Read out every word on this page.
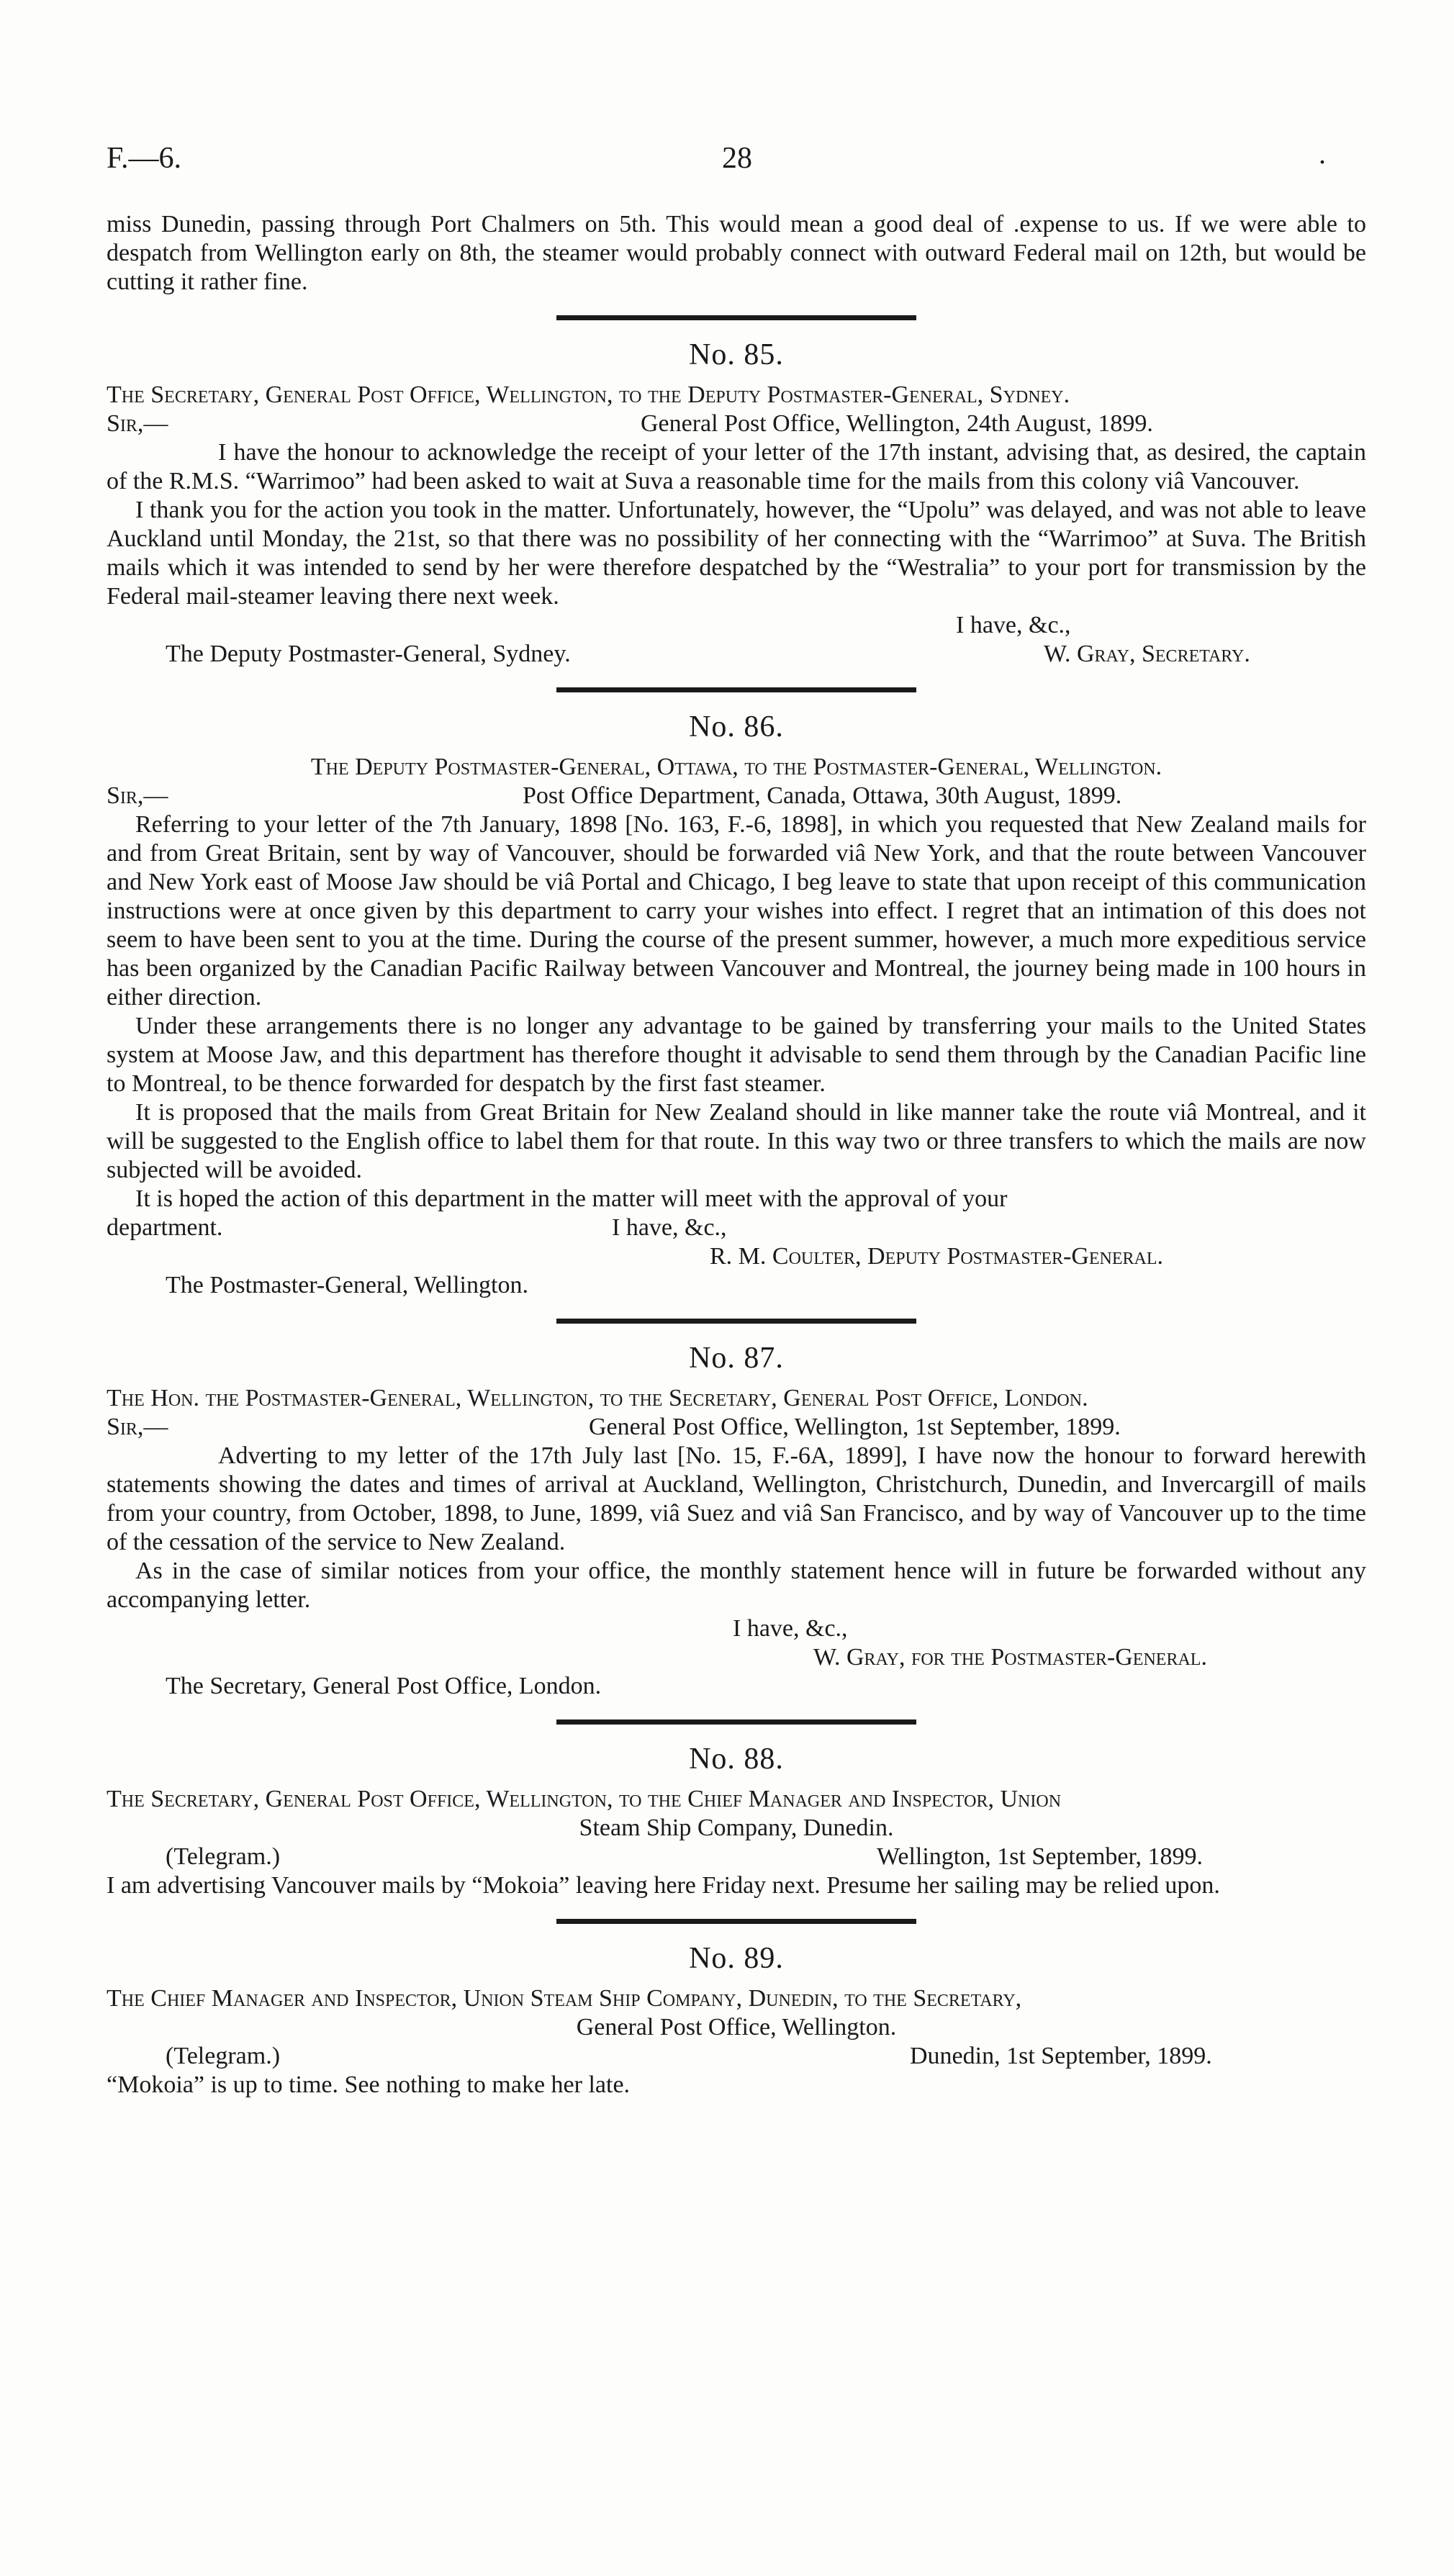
F.—6.	28	.

miss Dunedin, passing through Port Chalmers on 5th. This would mean a good deal of .expense to us. If we were able to despatch from Wellington early on 8th, the steamer would probably connect with outward Federal mail on 12th, but would be cutting it rather fine.

No. 85.

The Secretary, General Post Office, Wellington, to the Deputy Postmaster-General, Sydney.

Sir,—	General Post Office, Wellington, 24th August, 1899.

I have the honour to acknowledge the receipt of your letter of the 17th instant, advising that, as desired, the captain of the R.M.S. “Warrimoo” had been asked to wait at Suva a reasonable time for the mails from this colony viâ Vancouver.

I thank you for the action you took in the matter. Unfortunately, however, the “Upolu” was delayed, and was not able to leave Auckland until Monday, the 21st, so that there was no possibility of her connecting with the “Warrimoo” at Suva. The British mails which it was intended to send by her were therefore despatched by the “Westralia” to your port for transmission by the Federal mail-steamer leaving there next week.

I have, &c.,
The Deputy Postmaster-General, Sydney.	W. Gray, Secretary.
No. 86.

The Deputy Postmaster-General, Ottawa, to the Postmaster-General, Wellington.

Sir,—	Post Office Department, Canada, Ottawa, 30th August, 1899.

Referring to your letter of the 7th January, 1898 [No. 163, F.-6, 1898], in which you requested that New Zealand mails for and from Great Britain, sent by way of Vancouver, should be forwarded viâ New York, and that the route between Vancouver and New York east of Moose Jaw should be viâ Portal and Chicago, I beg leave to state that upon receipt of this communication instructions were at once given by this department to carry your wishes into effect. I regret that an intimation of this does not seem to have been sent to you at the time. During the course of the present summer, however, a much more expeditious service has been organized by the Canadian Pacific Railway between Vancouver and Montreal, the journey being made in 100 hours in either direction.

Under these arrangements there is no longer any advantage to be gained by transferring your mails to the United States system at Moose Jaw, and this department has therefore thought it advisable to send them through by the Canadian Pacific line to Montreal, to be thence forwarded for despatch by the first fast steamer.

It is proposed that the mails from Great Britain for New Zealand should in like manner take the route viâ Montreal, and it will be suggested to the English office to label them for that route. In this way two or three transfers to which the mails are now subjected will be avoided.

It is hoped the action of this department in the matter will meet with the approval of your

department.	I have, &c.,
R. M. Coulter, Deputy Postmaster-General.
The Postmaster-General, Wellington.
No. 87.

The Hon. the Postmaster-General, Wellington, to the Secretary, General Post Office, London.

Sir,—	General Post Office, Wellington, 1st September, 1899.

Adverting to my letter of the 17th July last [No. 15, F.-6A, 1899], I have now the honour to forward herewith statements showing the dates and times of arrival at Auckland, Wellington, Christchurch, Dunedin, and Invercargill of mails from your country, from October, 1898, to June, 1899, viâ Suez and viâ San Francisco, and by way of Vancouver up to the time of the cessation of the service to New Zealand.

As in the case of similar notices from your office, the monthly statement hence will in future be forwarded without any accompanying letter.

I have, &c.,
W. Gray, for the Postmaster-General.
The Secretary, General Post Office, London.
No. 88.

The Secretary, General Post Office, Wellington, to the Chief Manager and Inspector, Union

Steam Ship Company, Dunedin.

(Telegram.)	Wellington, 1st September, 1899.

I am advertising Vancouver mails by “Mokoia” leaving here Friday next. Presume her sailing may be relied upon.

No. 89.

The Chief Manager and Inspector, Union Steam Ship Company, Dunedin, to the Secretary,

General Post Office, Wellington.

(Telegram.)	Dunedin, 1st September, 1899.

“Mokoia” is up to time. See nothing to make her late.
